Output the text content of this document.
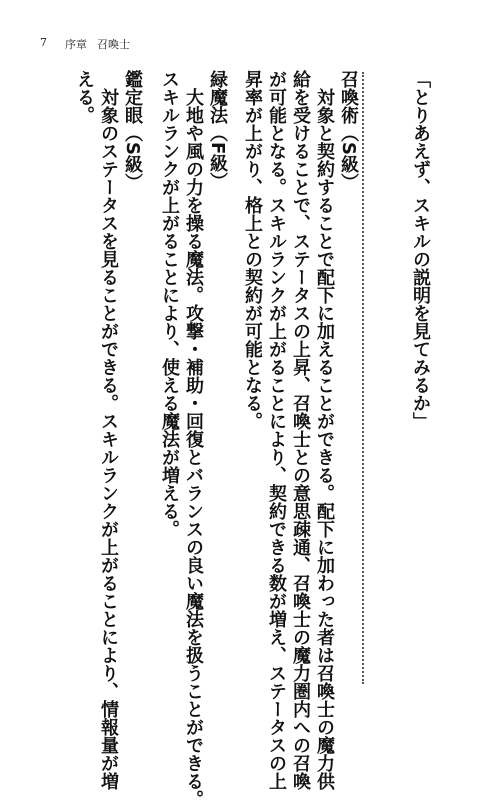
7 序章 召喚士
「とりあえず、スキルの説明を見てみるか」
召喚術（S級）
対象と契約することで配下に加えることができる。配下に加わった者は召喚士の魔力供
給を受けることで、ステータスの上昇、召喚士との意思疎通、召喚士の魔力圏内への召喚
が可能となる。スキルランクが上がることにより、契約できる数が増え、ステータスの上
昇率が上がり、格上との契約が可能となる。
緑魔法（F級）
大地や風の力を操る魔法。攻撃・補助・回復とバランスの良い魔法を扱うことができる。
スキルランクが上がることにより、使える魔法が増える。
鑑定眼（S級）
対象のステータスを見ることができる。スキルランクが上がることにより、情報量が増
える。
